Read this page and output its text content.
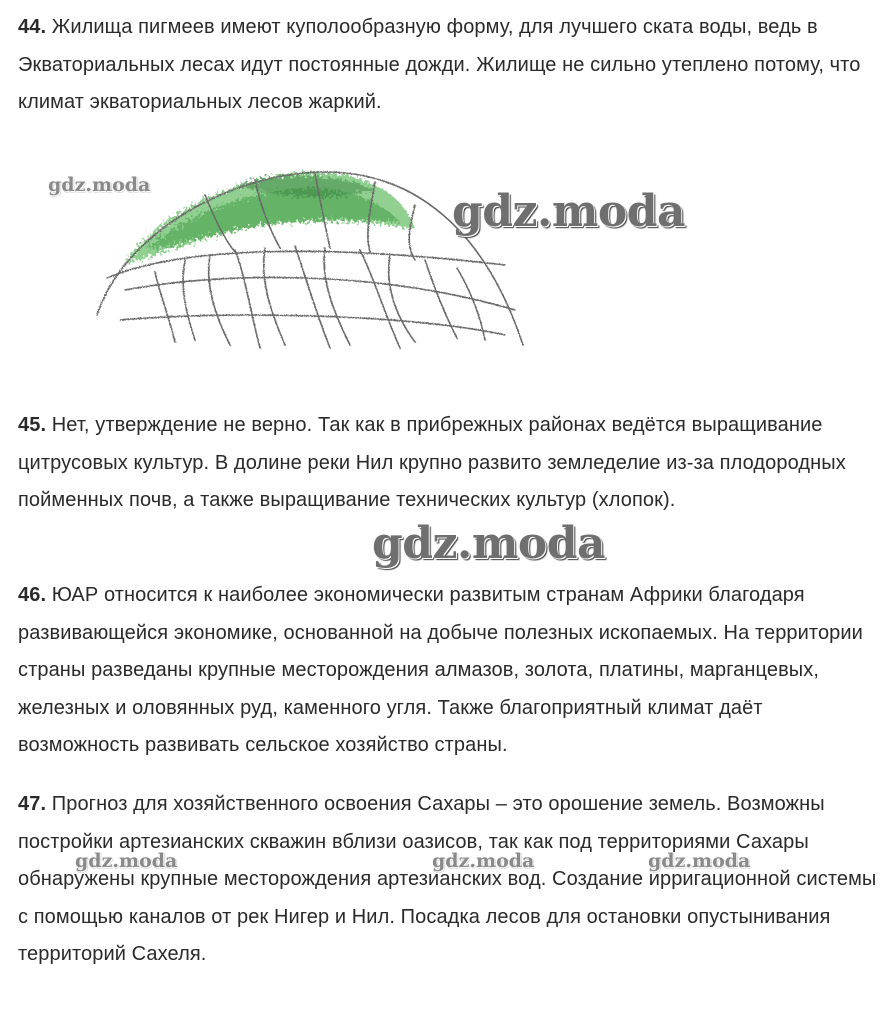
44. Жилища пигмеев имеют куполообразную форму, для лучшего ската воды, ведь в Экваториальных лесах идут постоянные дожди. Жилище не сильно утеплено потому, что климат экваториальных лесов жаркий.
gdz.moda
gdz.moda
45. Нет, утверждение не верно. Так как в прибрежных районах ведётся выращивание цитрусовых культур. В долине реки Нил крупно развито земледелие из-за плодородных пойменных почв, а также выращивание технических культур (хлопок).
gdz.moda
46. ЮАР относится к наиболее экономически развитым странам Африки благодаря развивающейся экономике, основанной на добыче полезных ископаемых. На территории страны разведаны крупные месторождения алмазов, золота, платины, марганцевых, железных и оловянных руд, каменного угля. Также благоприятный климат даёт возможность развивать сельское хозяйство страны.
47. Прогноз для хозяйственного освоения Сахары – это орошение земель. Возможны постройки артезианских скважин вблизи оазисов, так как под территориями Сахары обнаружены крупные месторождения артезианских вод. Создание ирригационной системы с помощью каналов от рек Нигер и Нил. Посадка лесов для остановки опустынивания территорий Сахеля.
gdz.moda	gdz.moda	gdz.moda
